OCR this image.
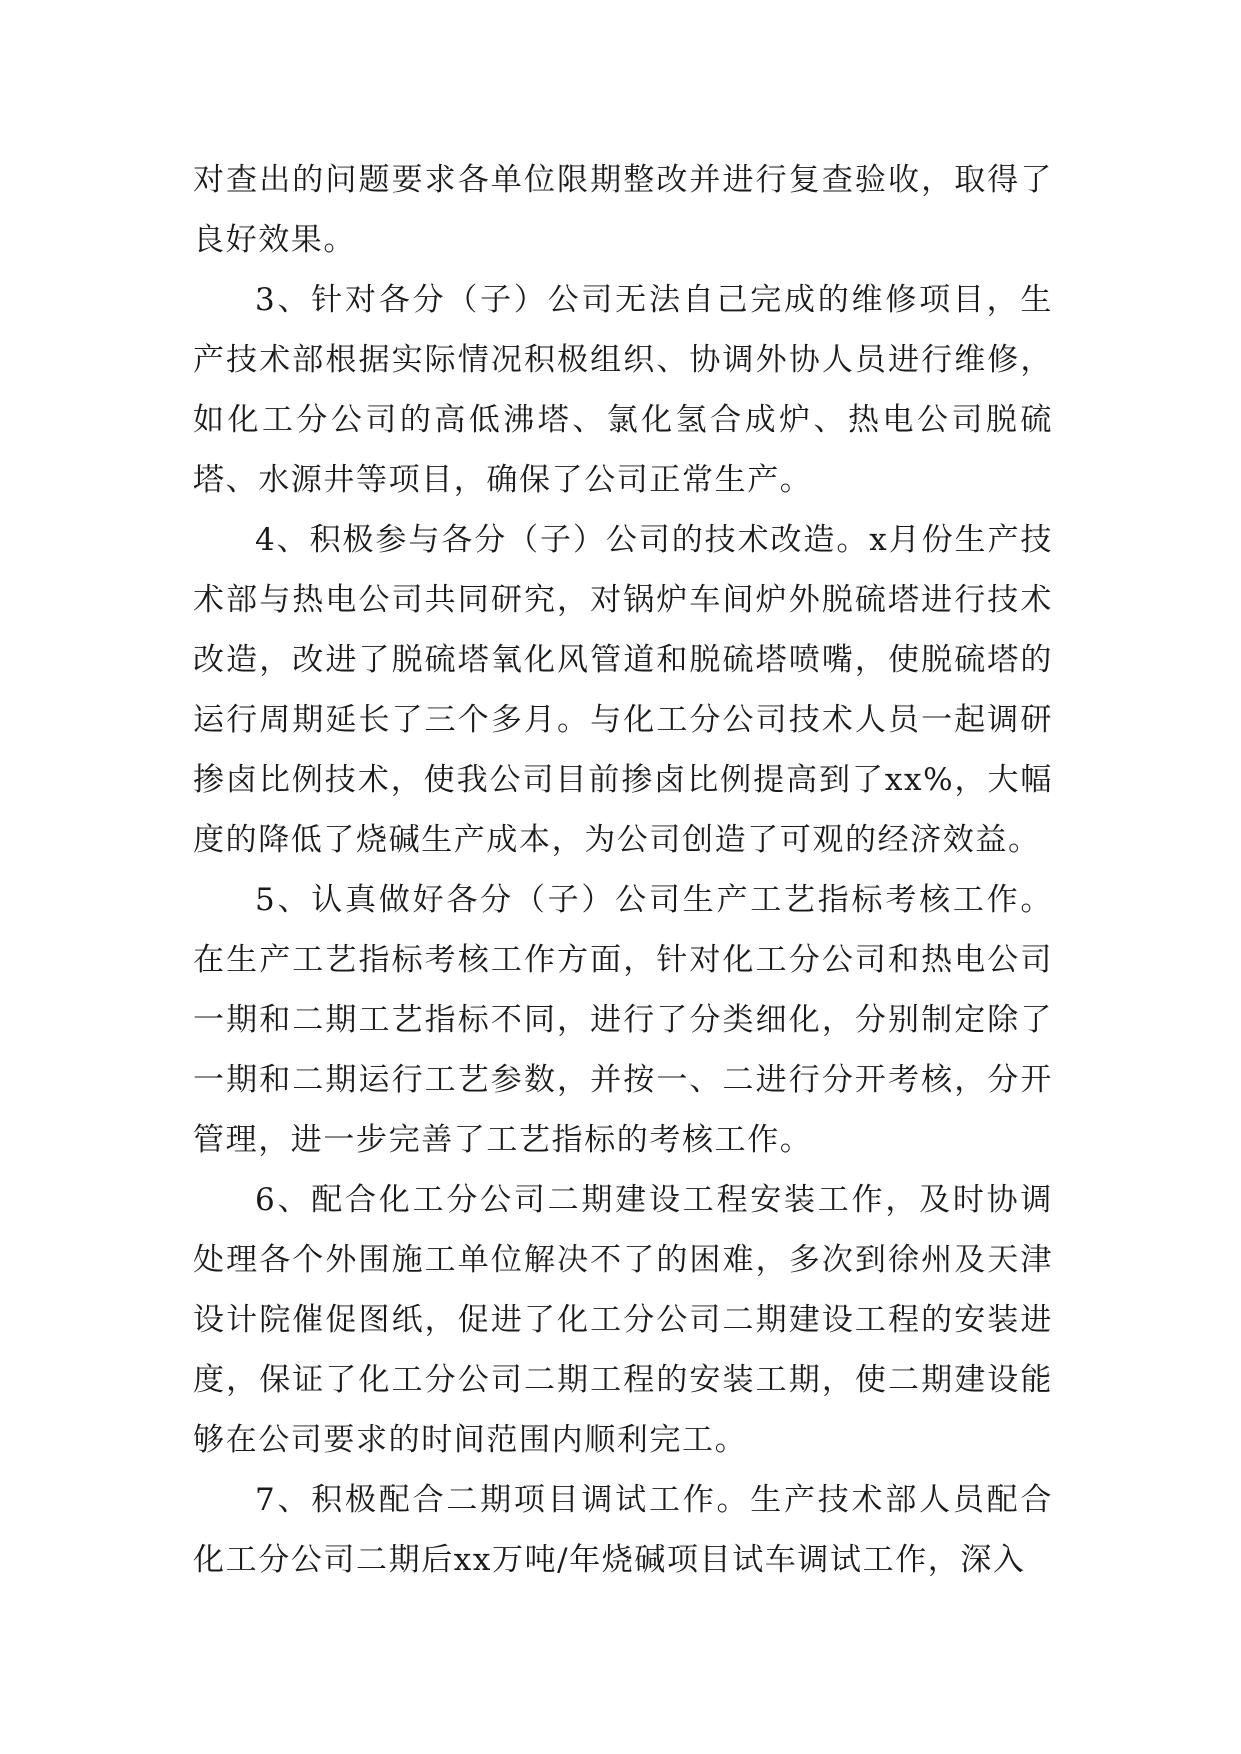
对查出的问题要求各单位限期整改并进行复查验收，取得了良好效果。

3、针对各分（子）公司无法自己完成的维修项目，生产技术部根据实际情况积极组织、协调外协人员进行维修，如化工分公司的高低沸塔、氯化氢合成炉、热电公司脱硫塔、水源井等项目，确保了公司正常生产。

4、积极参与各分（子）公司的技术改造。x月份生产技术部与热电公司共同研究，对锅炉车间炉外脱硫塔进行技术改造，改进了脱硫塔氧化风管道和脱硫塔喷嘴，使脱硫塔的运行周期延长了三个多月。与化工分公司技术人员一起调研掺卤比例技术，使我公司目前掺卤比例提高到了xx%，大幅度的降低了烧碱生产成本，为公司创造了可观的经济效益。

5、认真做好各分（子）公司生产工艺指标考核工作。在生产工艺指标考核工作方面，针对化工分公司和热电公司一期和二期工艺指标不同，进行了分类细化，分别制定除了一期和二期运行工艺参数，并按一、二进行分开考核，分开管理，进一步完善了工艺指标的考核工作。

6、配合化工分公司二期建设工程安装工作，及时协调处理各个外围施工单位解决不了的困难，多次到徐州及天津设计院催促图纸，促进了化工分公司二期建设工程的安装进度，保证了化工分公司二期工程的安装工期，使二期建设能够在公司要求的时间范围内顺利完工。

7、积极配合二期项目调试工作。生产技术部人员配合化工分公司二期后xx万吨/年烧碱项目试车调试工作，深入
